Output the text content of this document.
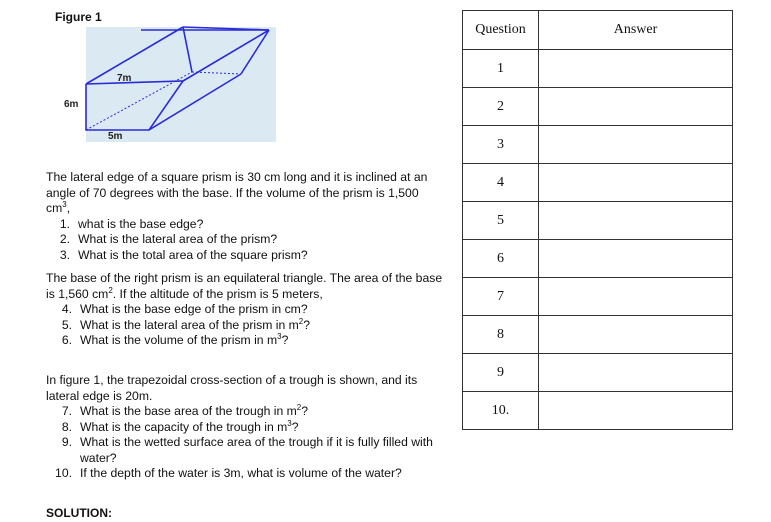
Figure 1
7m
6m
5m

The lateral edge of a square prism is 30 cm long and it is inclined at an

angle of 70 degrees with the base. If the volume of the prism is 1,500 $cm^3$,

1. what is the base edge?
2. What is the lateral area of the prism?
3. What is the total area of the square prism?

The base of the right prism is an equilateral triangle. The area of the base

is 1,560 $cm^2$. If the altitude of the prism is 5 meters,

4. What is the base edge of the prism in cm?
5. What is the lateral area of the prism in $m^2$?
6. What is the volume of the prism in $m^3$?

In figure 1, the trapezoidal cross-section of a trough is shown, and its

lateral edge is 20m.

7. What is the base area of the trough in $m^2$?
8. What is the capacity of the trough in $m^3$?
9. What is the wetted surface area of the trough if it is fully filled with
water?
10. If the depth of the water is 3m, what is volume of the water?
SOLUTION:
Question	Answer
1	
2	
3	
4	
5	
6	
7	
8	
9	
10.	
